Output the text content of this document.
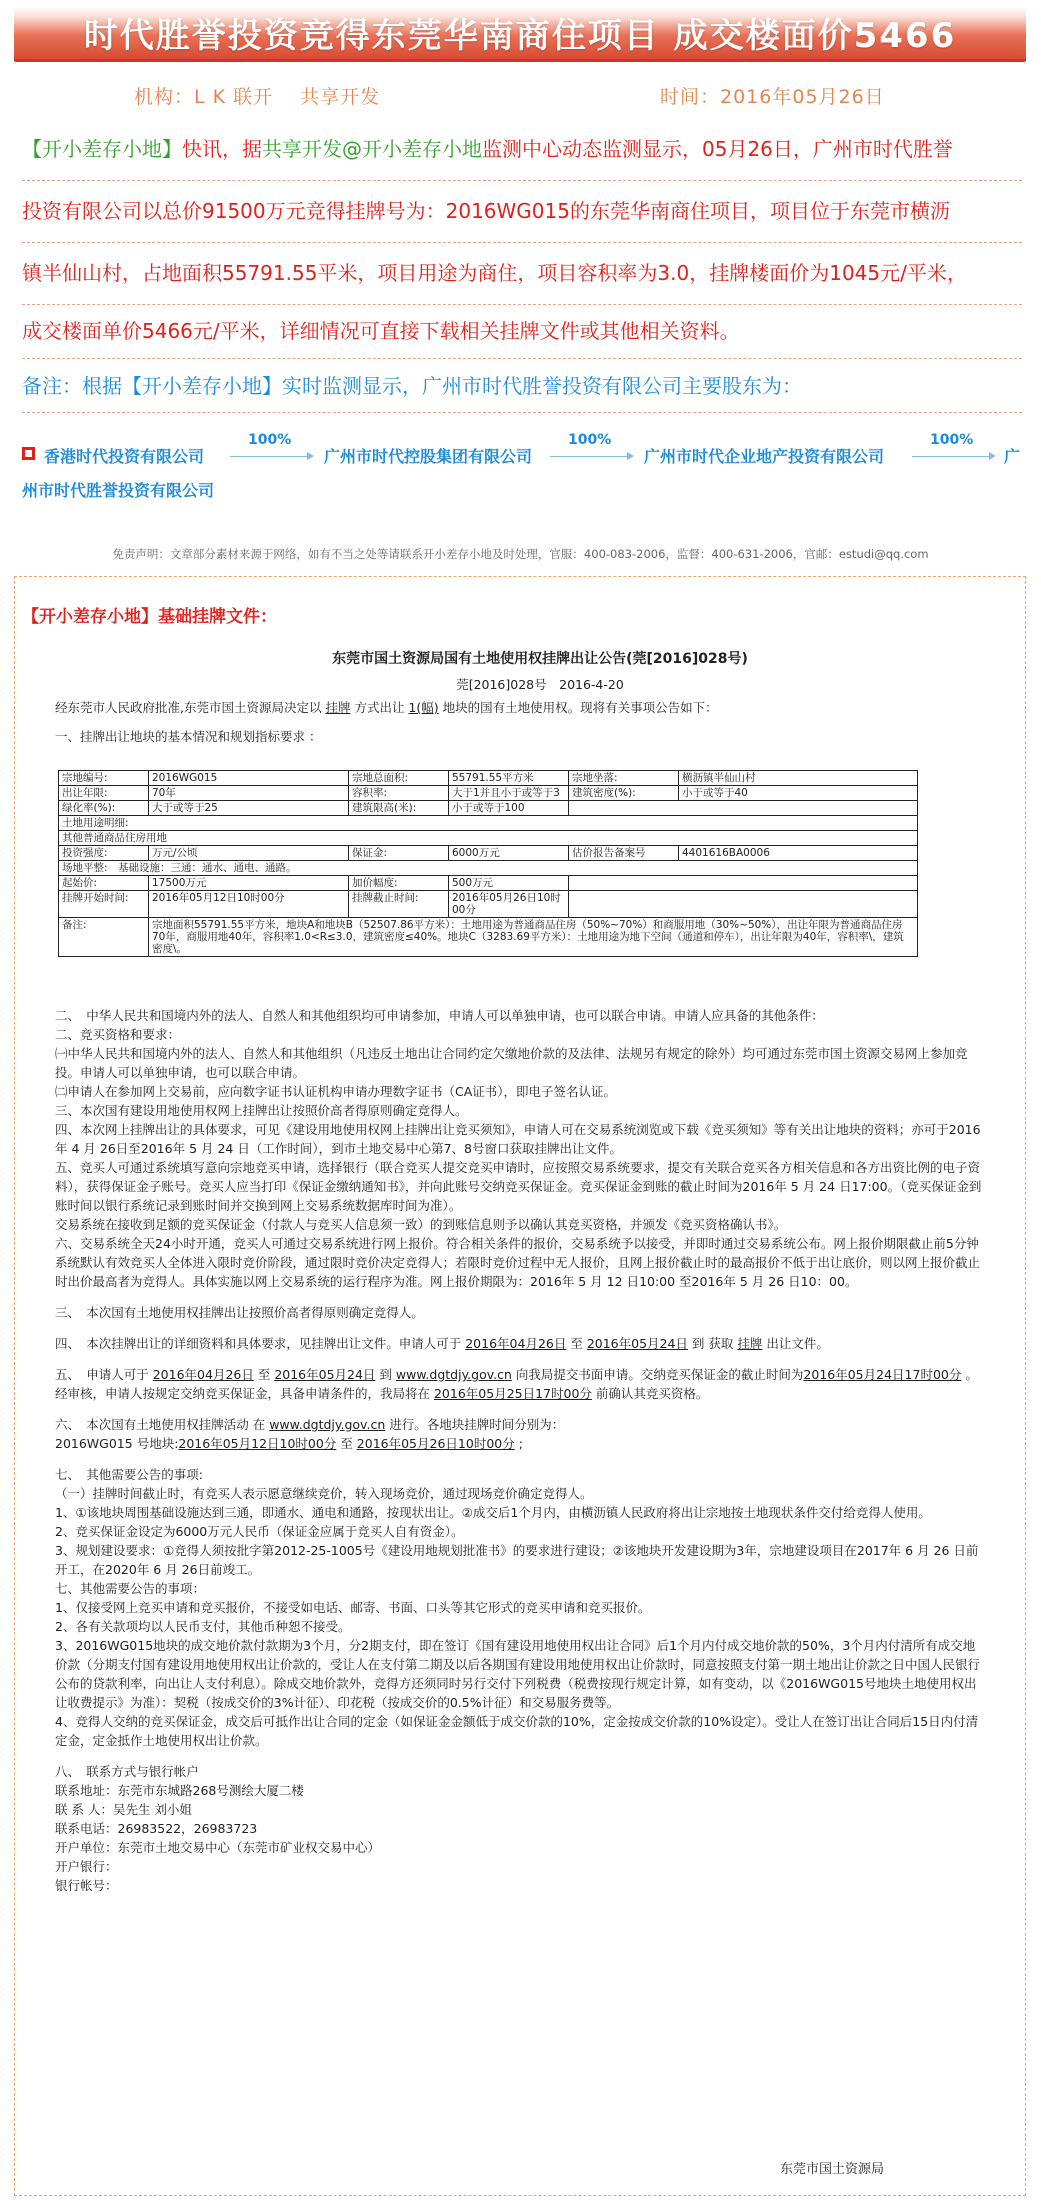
时代胜誉投资竞得东莞华南商住项目 成交楼面价5466
机构：L K 联开　 共享开发	时间：2016年05月26日
【开小差存小地】快讯，据共享开发@开小差存小地监测中心动态监测显示，05月26日，广州市时代胜誉
投资有限公司以总价91500万元竞得挂牌号为：2016WG015的东莞华南商住项目，项目位于东莞市横沥
镇半仙山村，占地面积55791.55平米，项目用途为商住，项目容积率为3.0，挂牌楼面价为1045元/平米，
成交楼面单价5466元/平米，详细情况可直接下载相关挂牌文件或其他相关资料。
备注：根据【开小差存小地】实时监测显示，广州市时代胜誉投资有限公司主要股东为：
香港时代投资有限公司
100%
广州市时代控股集团有限公司
100%
广州市时代企业地产投资有限公司
100%
广
州市时代胜誉投资有限公司
免责声明：文章部分素材来源于网络，如有不当之处等请联系开小差存小地及时处理，官服：400-083-2006，监督：400-631-2006，官邮：estudi@qq.com
【开小差存小地】基础挂牌文件：
东莞市国土资源局国有土地使用权挂牌出让公告(莞[2016]028号)
莞[2016]028号　2016-4-20
经东莞市人民政府批准,东莞市国土资源局决定以 挂牌 方式出让 1(幅) 地块的国有土地使用权。现将有关事项公告如下：
一、挂牌出让地块的基本情况和规划指标要求 ：
宗地编号:	2016WG015	宗地总面积:	55791.55平方米	宗地坐落:	横沥镇半仙山村
出让年限:	70年	容积率:	大于1并且小于或等于3	建筑密度(%):	小于或等于40
绿化率(%):	大于或等于25	建筑限高(米):	小于或等于100		
土地用途明细:					
其他普通商品住房用地					
投资强度:	万元/公顷	保证金:	6000万元	估价报告备案号	4401616BA0006
场地平整:　基础设施：三通：通水、通电、通路。					
起始价:	17500万元	加价幅度:	500万元		
挂牌开始时间:	2016年05月12日10时00分	挂牌截止时间:	2016年05月26日10时00分		
备注:	宗地面积55791.55平方米，地块A和地块B（52507.86平方米）：土地用途为普通商品住房（50%~70%）和商服用地（30%~50%），出让年限为普通商品住房70年，商服用地40年，容积率1.0<R≤3.0，建筑密度≤40%。地块C（3283.69平方米）：土地用途为地下空间（通道和停车），出让年限为40年，容积率\，建筑密度\。				
二、　中华人民共和国境内外的法人、自然人和其他组织均可申请参加，申请人可以单独申请，也可以联合申请。申请人应具备的其他条件：
二、竞买资格和要求：
㈠中华人民共和国境内外的法人、自然人和其他组织（凡违反土地出让合同约定欠缴地价款的及法律、法规另有规定的除外）均可通过东莞市国土资源交易网上参加竞投。申请人可以单独申请，也可以联合申请。
㈡申请人在参加网上交易前，应向数字证书认证机构申请办理数字证书（CA证书），即电子签名认证。
三、本次国有建设用地使用权网上挂牌出让按照价高者得原则确定竞得人。
四、本次网上挂牌出让的具体要求，可见《建设用地使用权网上挂牌出让竞买须知》，申请人可在交易系统浏览或下载《竞买须知》等有关出让地块的资料；亦可于2016年 4 月 26日至2016年 5 月 24 日（工作时间），到市土地交易中心第7、8号窗口获取挂牌出让文件。
五、竞买人可通过系统填写意向宗地竞买申请，选择银行（联合竞买人提交竞买申请时，应按照交易系统要求，提交有关联合竞买各方相关信息和各方出资比例的电子资料），获得保证金子账号。竞买人应当打印《保证金缴纳通知书》，并向此账号交纳竞买保证金。竞买保证金到账的截止时间为2016年 5 月 24 日17:00。（竞买保证金到账时间以银行系统记录到账时间并交换到网上交易系统数据库时间为准）。
交易系统在接收到足额的竞买保证金（付款人与竞买人信息须一致）的到账信息则予以确认其竞买资格，并颁发《竞买资格确认书》。
六、交易系统全天24小时开通，竞买人可通过交易系统进行网上报价。符合相关条件的报价，交易系统予以接受，并即时通过交易系统公布。网上报价期限截止前5分钟系统默认有效竞买人全体进入限时竞价阶段，通过限时竞价决定竞得人；若限时竞价过程中无人报价，且网上报价截止时的最高报价不低于出让底价，则以网上报价截止时出价最高者为竞得人。具体实施以网上交易系统的运行程序为准。网上报价期限为：2016年 5 月 12 日10:00 至2016年 5 月 26 日10：00。
三、　本次国有土地使用权挂牌出让按照价高者得原则确定竞得人。
四、　本次挂牌出让的详细资料和具体要求，见挂牌出让文件。申请人可于 2016年04月26日 至 2016年05月24日 到 获取 挂牌 出让文件。
五、　申请人可于 2016年04月26日 至 2016年05月24日 到 www.dgtdjy.gov.cn 向我局提交书面申请。交纳竞买保证金的截止时间为2016年05月24日17时00分 。经审核，申请人按规定交纳竞买保证金，具备申请条件的，我局将在 2016年05月25日17时00分 前确认其竞买资格。
六、　本次国有土地使用权挂牌活动 在 www.dgtdjy.gov.cn 进行。各地块挂牌时间分别为：
2016WG015 号地块:2016年05月12日10时00分 至 2016年05月26日10时00分 ;
七、　其他需要公告的事项:
（一）挂牌时间截止时，有竞买人表示愿意继续竞价，转入现场竞价，通过现场竞价确定竞得人。
1、①该地块周围基础设施达到三通，即通水、通电和通路，按现状出让。②成交后1个月内，由横沥镇人民政府将出让宗地按土地现状条件交付给竞得人使用。
2、竞买保证金设定为6000万元人民币（保证金应属于竞买人自有资金）。
3、规划建设要求：①竞得人须按批字第2012-25-1005号《建设用地规划批准书》的要求进行建设；②该地块开发建设期为3年，宗地建设项目在2017年 6 月 26 日前开工，在2020年 6 月 26日前竣工。
七、其他需要公告的事项：
1、仅接受网上竞买申请和竞买报价，不接受如电话、邮寄、书面、口头等其它形式的竞买申请和竞买报价。
2、各有关款项均以人民币支付，其他币种恕不接受。
3、2016WG015地块的成交地价款付款期为3个月，分2期支付，即在签订《国有建设用地使用权出让合同》后1个月内付成交地价款的50%，3个月内付清所有成交地价款（分期支付国有建设用地使用权出让价款的，受让人在支付第二期及以后各期国有建设用地使用权出让价款时，同意按照支付第一期土地出让价款之日中国人民银行公布的贷款利率，向出让人支付利息）。除成交地价款外，竞得方还须同时另行交付下列税费（税费按现行规定计算，如有变动，以《2016WG015号地块土地使用权出让收费提示》为准）：契税（按成交价的3%计征）、印花税（按成交价的0.5%计征）和交易服务费等。
4、竞得人交纳的竞买保证金，成交后可抵作出让合同的定金（如保证金金额低于成交价款的10%，定金按成交价款的10%设定）。受让人在签订出让合同后15日内付清定金，定金抵作土地使用权出让价款。
八、　联系方式与银行帐户
联系地址：东莞市东城路268号测绘大厦二楼
联 系 人：吴先生 刘小姐
联系电话：26983522，26983723
开户单位：东莞市土地交易中心（东莞市矿业权交易中心）
开户银行：
银行帐号：
东莞市国土资源局
